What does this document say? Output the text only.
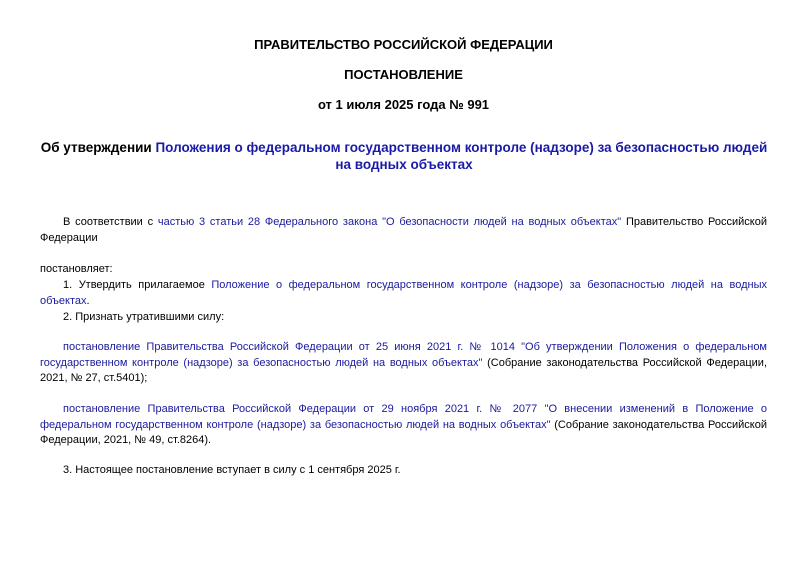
ПРАВИТЕЛЬСТВО РОССИЙСКОЙ ФЕДЕРАЦИИ
ПОСТАНОВЛЕНИЕ
от 1 июля 2025 года № 991
Об утверждении Положения о федеральном государственном контроле (надзоре) за безопасностью людей на водных объектах
В соответствии с частью 3 статьи 28 Федерального закона "О безопасности людей на водных объектах" Правительство Российской Федерации
постановляет:
1. Утвердить прилагаемое Положение о федеральном государственном контроле (надзоре) за безопасностью людей на водных объектах.
2. Признать утратившими силу:
постановление Правительства Российской Федерации от 25 июня 2021 г. № 1014 "Об утверждении Положения о федеральном государственном контроле (надзоре) за безопасностью людей на водных объектах" (Собрание законодательства Российской Федерации, 2021, № 27, ст.5401);
постановление Правительства Российской Федерации от 29 ноября 2021 г. № 2077 "О внесении изменений в Положение о федеральном государственном контроле (надзоре) за безопасностью людей на водных объектах" (Собрание законодательства Российской Федерации, 2021, № 49, ст.8264).
3. Настоящее постановление вступает в силу с 1 сентября 2025 г.
